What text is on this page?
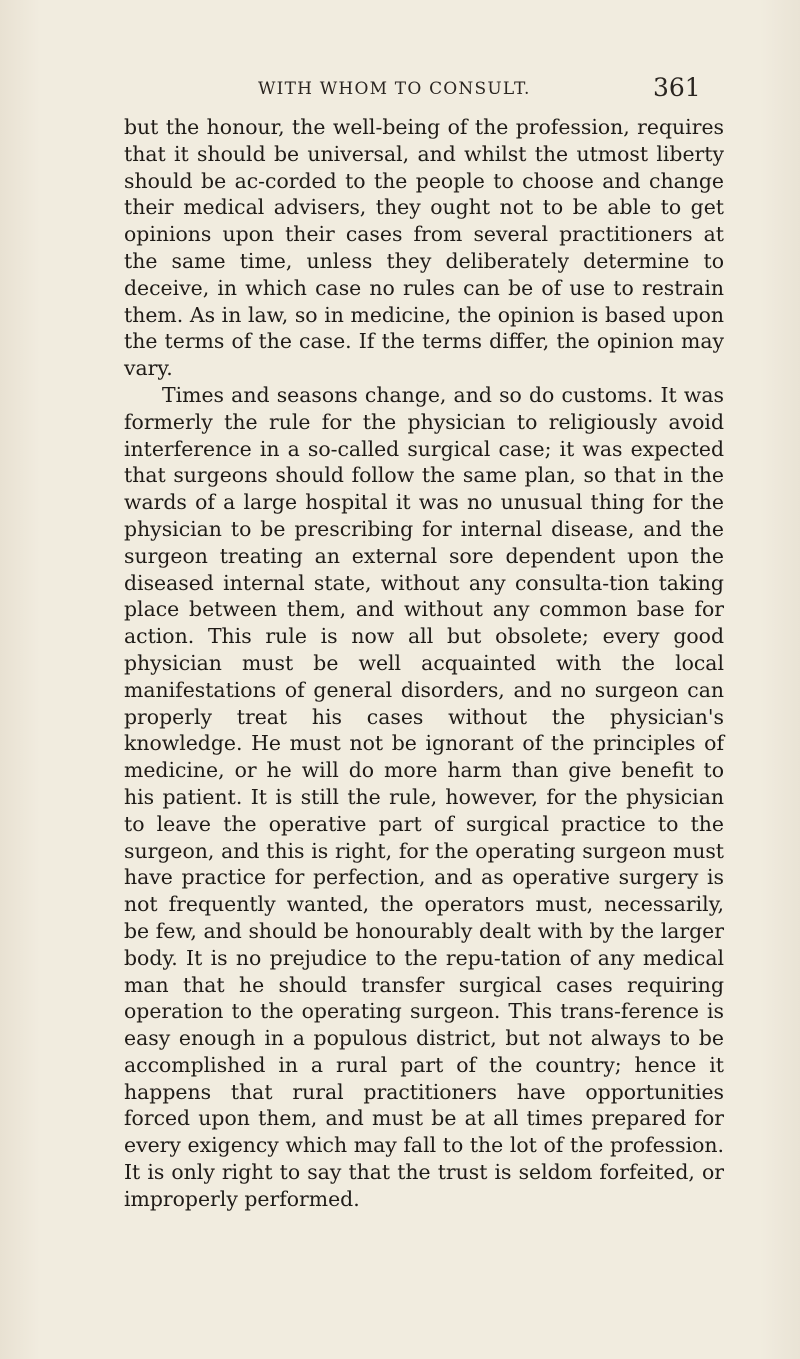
WITH WHOM TO CONSULT.	361

but the honour, the well-being of the profession, requires that it should be universal, and whilst the utmost liberty should be ac-corded to the people to choose and change their medical advisers, they ought not to be able to get opinions upon their cases from several practitioners at the same time, unless they deliberately determine to deceive, in which case no rules can be of use to restrain them. As in law, so in medicine, the opinion is based upon the terms of the case. If the terms differ, the opinion may vary.

Times and seasons change, and so do customs. It was formerly the rule for the physician to religiously avoid interference in a so-called surgical case; it was expected that surgeons should follow the same plan, so that in the wards of a large hospital it was no unusual thing for the physician to be prescribing for internal disease, and the surgeon treating an external sore dependent upon the diseased internal state, without any consulta-tion taking place between them, and without any common base for action. This rule is now all but obsolete; every good physician must be well acquainted with the local manifestations of general disorders, and no surgeon can properly treat his cases without the physician's knowledge. He must not be ignorant of the principles of medicine, or he will do more harm than give benefit to his patient. It is still the rule, however, for the physician to leave the operative part of surgical practice to the surgeon, and this is right, for the operating surgeon must have practice for perfection, and as operative surgery is not frequently wanted, the operators must, necessarily, be few, and should be honourably dealt with by the larger body. It is no prejudice to the repu-tation of any medical man that he should transfer surgical cases requiring operation to the operating surgeon. This trans-ference is easy enough in a populous district, but not always to be accomplished in a rural part of the country; hence it happens that rural practitioners have opportunities forced upon them, and must be at all times prepared for every exigency which may fall to the lot of the profession. It is only right to say that the trust is seldom forfeited, or improperly performed.
